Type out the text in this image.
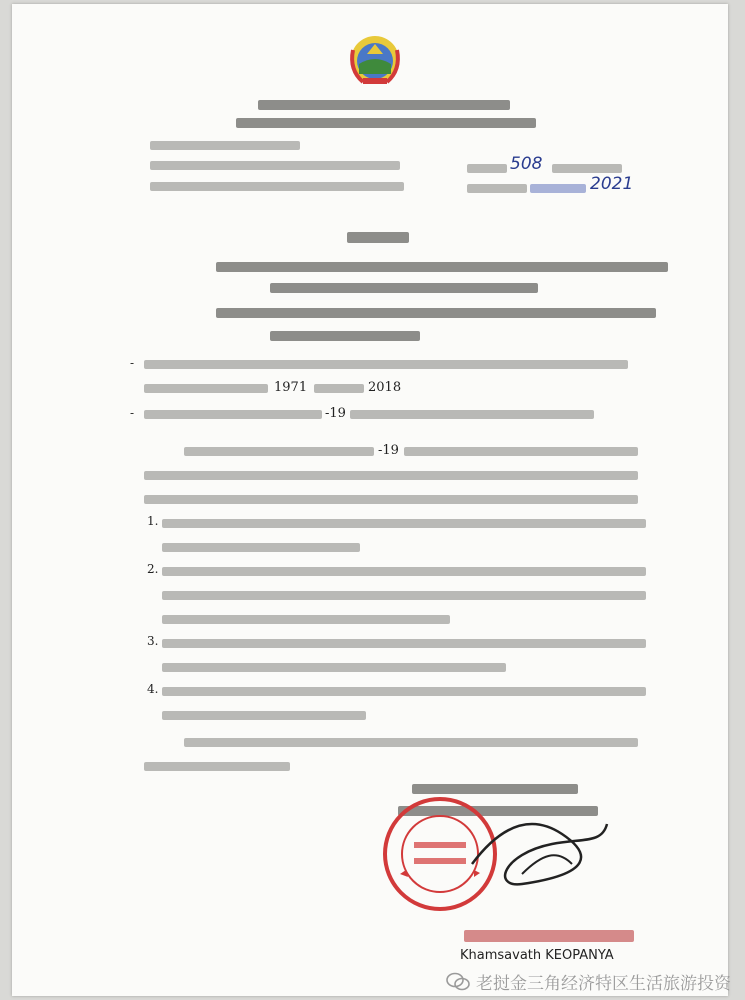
508
2021
-
1971	2018
-	-19
-19
1.
2.
3.
4.
Khamsavath KEOPANYA
老挝金三角经济特区生活旅游投资
